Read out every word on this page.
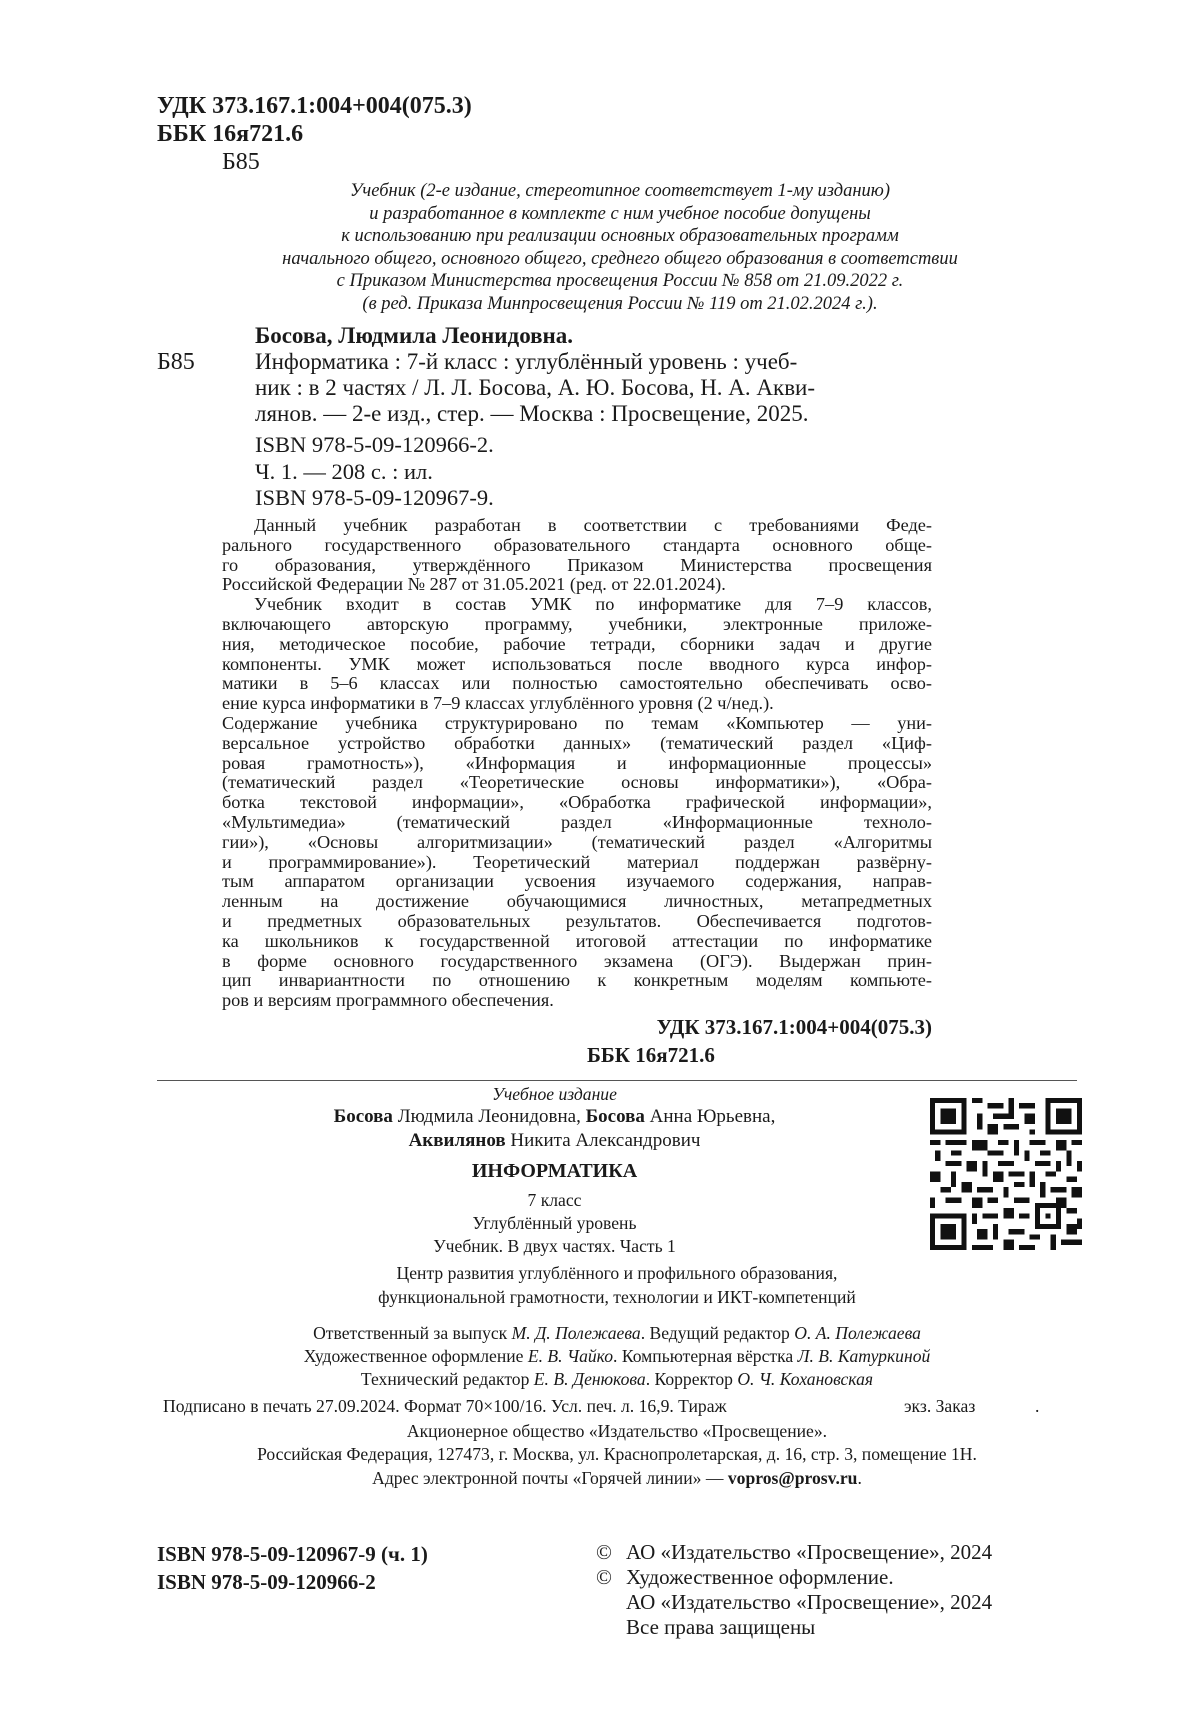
УДК 373.167.1:004+004(075.3)
ББК 16я721.6
Б85
Учебник (2-е издание, стереотипное соответствует 1-му изданию)
и разработанное в комплекте с ним учебное пособие допущены
к использованию при реализации основных образовательных программ
начального общего, основного общего, среднего общего образования в соответствии
с Приказом Министерства просвещения России № 858 от 21.09.2022 г.
(в ред. Приказа Минпросвещения России № 119 от 21.02.2024 г.).
Босова, Людмила Леонидовна.
Б85	Информатика : 7-й класс : углублённый уровень : учеб-
ник : в 2 частях / Л. Л. Босова, А. Ю. Босова, Н. А. Акви-
лянов. — 2-е изд., стер. — Москва : Просвещение, 2025.
ISBN 978-5-09-120966-2.
Ч. 1. — 208 с. : ил.
ISBN 978-5-09-120967-9.
Данный учебник разработан в соответствии с требованиями Феде-
рального государственного образовательного стандарта основного обще-
го образования, утверждённого Приказом Министерства просвещения
Российской Федерации № 287 от 31.05.2021 (ред. от 22.01.2024).
Учебник входит в состав УМК по информатике для 7–9 классов,
включающего авторскую программу, учебники, электронные приложе-
ния, методическое пособие, рабочие тетради, сборники задач и другие
компоненты. УМК может использоваться после вводного курса инфор-
матики в 5–6 классах или полностью самостоятельно обеспечивать осво-
ение курса информатики в 7–9 классах углублённого уровня (2 ч/нед.).
Содержание учебника структурировано по темам «Компьютер — уни-
версальное устройство обработки данных» (тематический раздел «Циф-
ровая грамотность»), «Информация и информационные процессы»
(тематический раздел «Теоретические основы информатики»), «Обра-
ботка текстовой информации», «Обработка графической информации»,
«Мультимедиа» (тематический раздел «Информационные техноло-
гии»), «Основы алгоритмизации» (тематический раздел «Алгоритмы
и программирование»). Теоретический материал поддержан развёрну-
тым аппаратом организации усвоения изучаемого содержания, направ-
ленным на достижение обучающимися личностных, метапредметных
и предметных образовательных результатов. Обеспечивается подготов-
ка школьников к государственной итоговой аттестации по информатике
в форме основного государственного экзамена (ОГЭ). Выдержан прин-
цип инвариантности по отношению к конкретным моделям компьюте-
ров и версиям программного обеспечения.
УДК 373.167.1:004+004(075.3)
ББК 16я721.6
Учебное издание
Босова Людмила Леонидовна, Босова Анна Юрьевна,
Аквилянов Никита Александрович
ИНФОРМАТИКА
7 класс
Углублённый уровень
Учебник. В двух частях. Часть 1
Центр развития углублённого и профильного образования,
функциональной грамотности, технологии и ИКТ-компетенций
Ответственный за выпуск М. Д. Полежаева. Ведущий редактор О. А. Полежаева
Художественное оформление Е. В. Чайко. Компьютерная вёрстка Л. В. Катуркиной
Технический редактор Е. В. Денюкова. Корректор О. Ч. Кохановская
Подписано в печать 27.09.2024. Формат 70×100/16. Усл. печ. л. 16,9. Тираж	экз. Заказ	.
Акционерное общество «Издательство «Просвещение».
Российская Федерация, 127473, г. Москва, ул. Краснопролетарская, д. 16, стр. 3, помещение 1Н.
Адрес электронной почты «Горячей линии» — vopros@prosv.ru.
ISBN 978-5-09-120967-9 (ч. 1)
ISBN 978-5-09-120966-2
© АО «Издательство «Просвещение», 2024
© Художественное оформление.
АО «Издательство «Просвещение», 2024
Все права защищены
